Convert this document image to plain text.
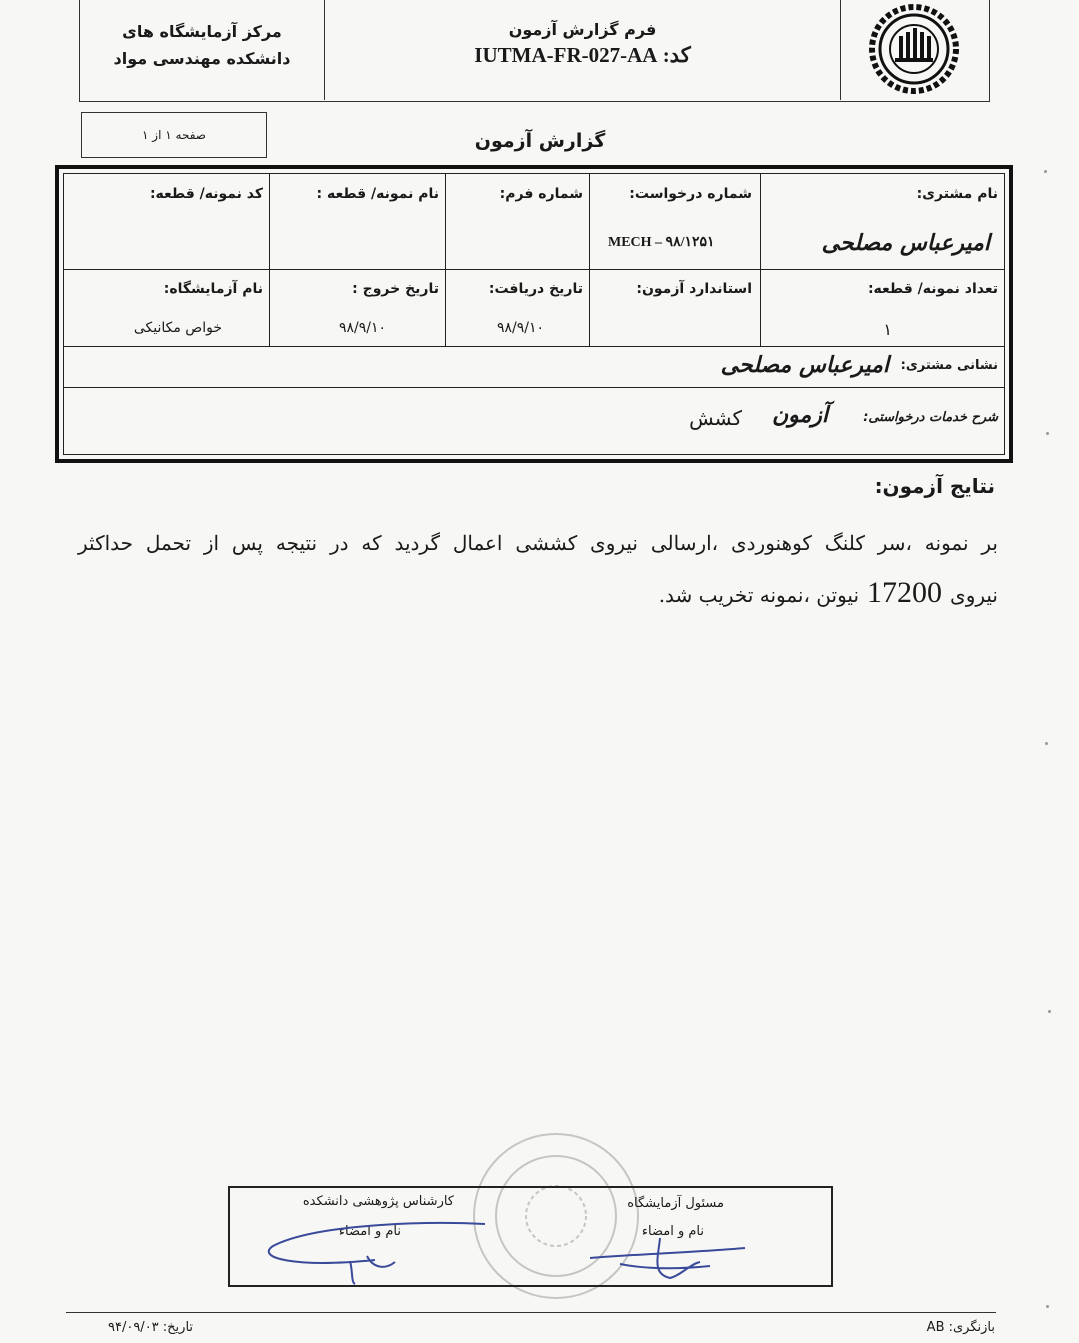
فرم گزارش آزمون
کد: IUTMA-FR-027-AA
مرکز آزمایشگاه های
دانشکده مهندسی مواد
صفحه ۱ از ۱	گزارش آزمون
نام مشتری:
امیرعباس مصلحی
شماره درخواست:
MECH – ۹۸/۱۲۵۱
شماره فرم:
نام نمونه/ قطعه :
کد نمونه/ قطعه:
تعداد نمونه/ قطعه:
۱
استاندارد آزمون:
تاریخ دریافت:
۹۸/۹/۱۰
تاریخ خروج :
۹۸/۹/۱۰
نام آزمایشگاه:
خواص مکانیکی
نشانی مشتری:
امیرعباس مصلحی
شرح خدمات درخواستی:
آزمون
کشش
نتایج آزمون:
بر نمونه ،سر کلنگ کوهنوردی ،ارسالی نیروی کششی اعمال گردید که در نتیجه پس از تحمل حداکثر نیروی17200نیوتن ،نمونه تخریب شد.
مسئول آزمایشگاه
نام و امضاء
کارشناس پژوهشی دانشکده
نام و امضاء
بازنگری: AB
تاریخ: ۹۴/۰۹/۰۳
